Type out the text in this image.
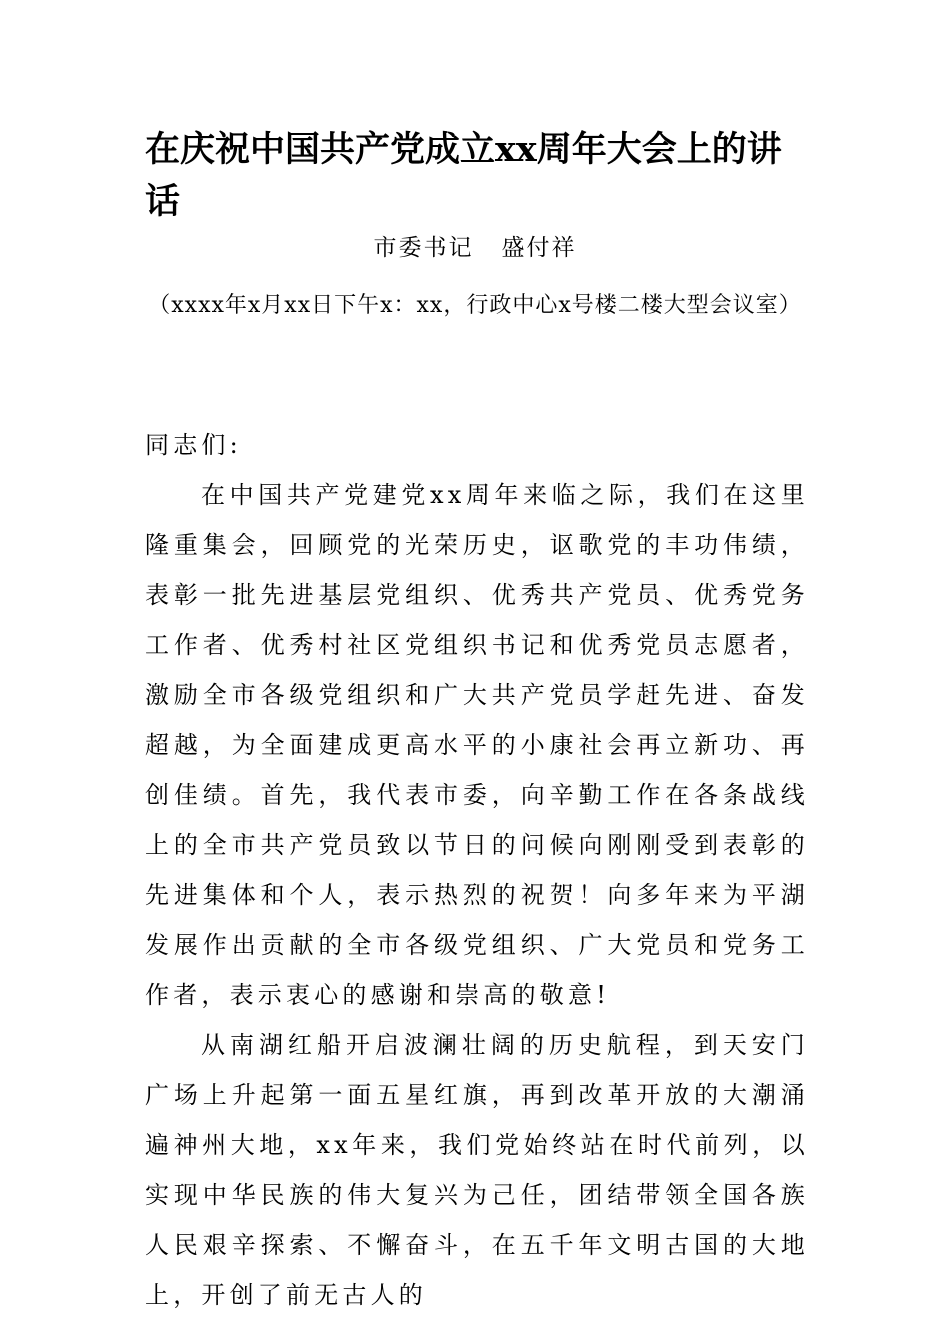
在庆祝中国共产党成立xx周年大会上的讲话
市委书记 盛付祥
（xxxx年x月xx日下午x：xx，行政中心x号楼二楼大型会议室）

同志们:

在中国共产党建党xx周年来临之际，我们在这里隆重集会，回顾党的光荣历史，讴歌党的丰功伟绩，表彰一批先进基层党组织、优秀共产党员、优秀党务工作者、优秀村社区党组织书记和优秀党员志愿者，激励全市各级党组织和广大共产党员学赶先进、奋发超越，为全面建成更高水平的小康社会再立新功、再创佳绩。首先，我代表市委，向辛勤工作在各条战线上的全市共产党员致以节日的问候向刚刚受到表彰的先进集体和个人，表示热烈的祝贺！向多年来为平湖发展作出贡献的全市各级党组织、广大党员和党务工作者，表示衷心的感谢和崇高的敬意!

从南湖红船开启波澜壮阔的历史航程，到天安门广场上升起第一面五星红旗，再到改革开放的大潮涌遍神州大地，xx年来，我们党始终站在时代前列，以实现中华民族的伟大复兴为己任，团结带领全国各族人民艰辛探索、不懈奋斗，在五千年文明古国的大地上，开创了前无古人的
